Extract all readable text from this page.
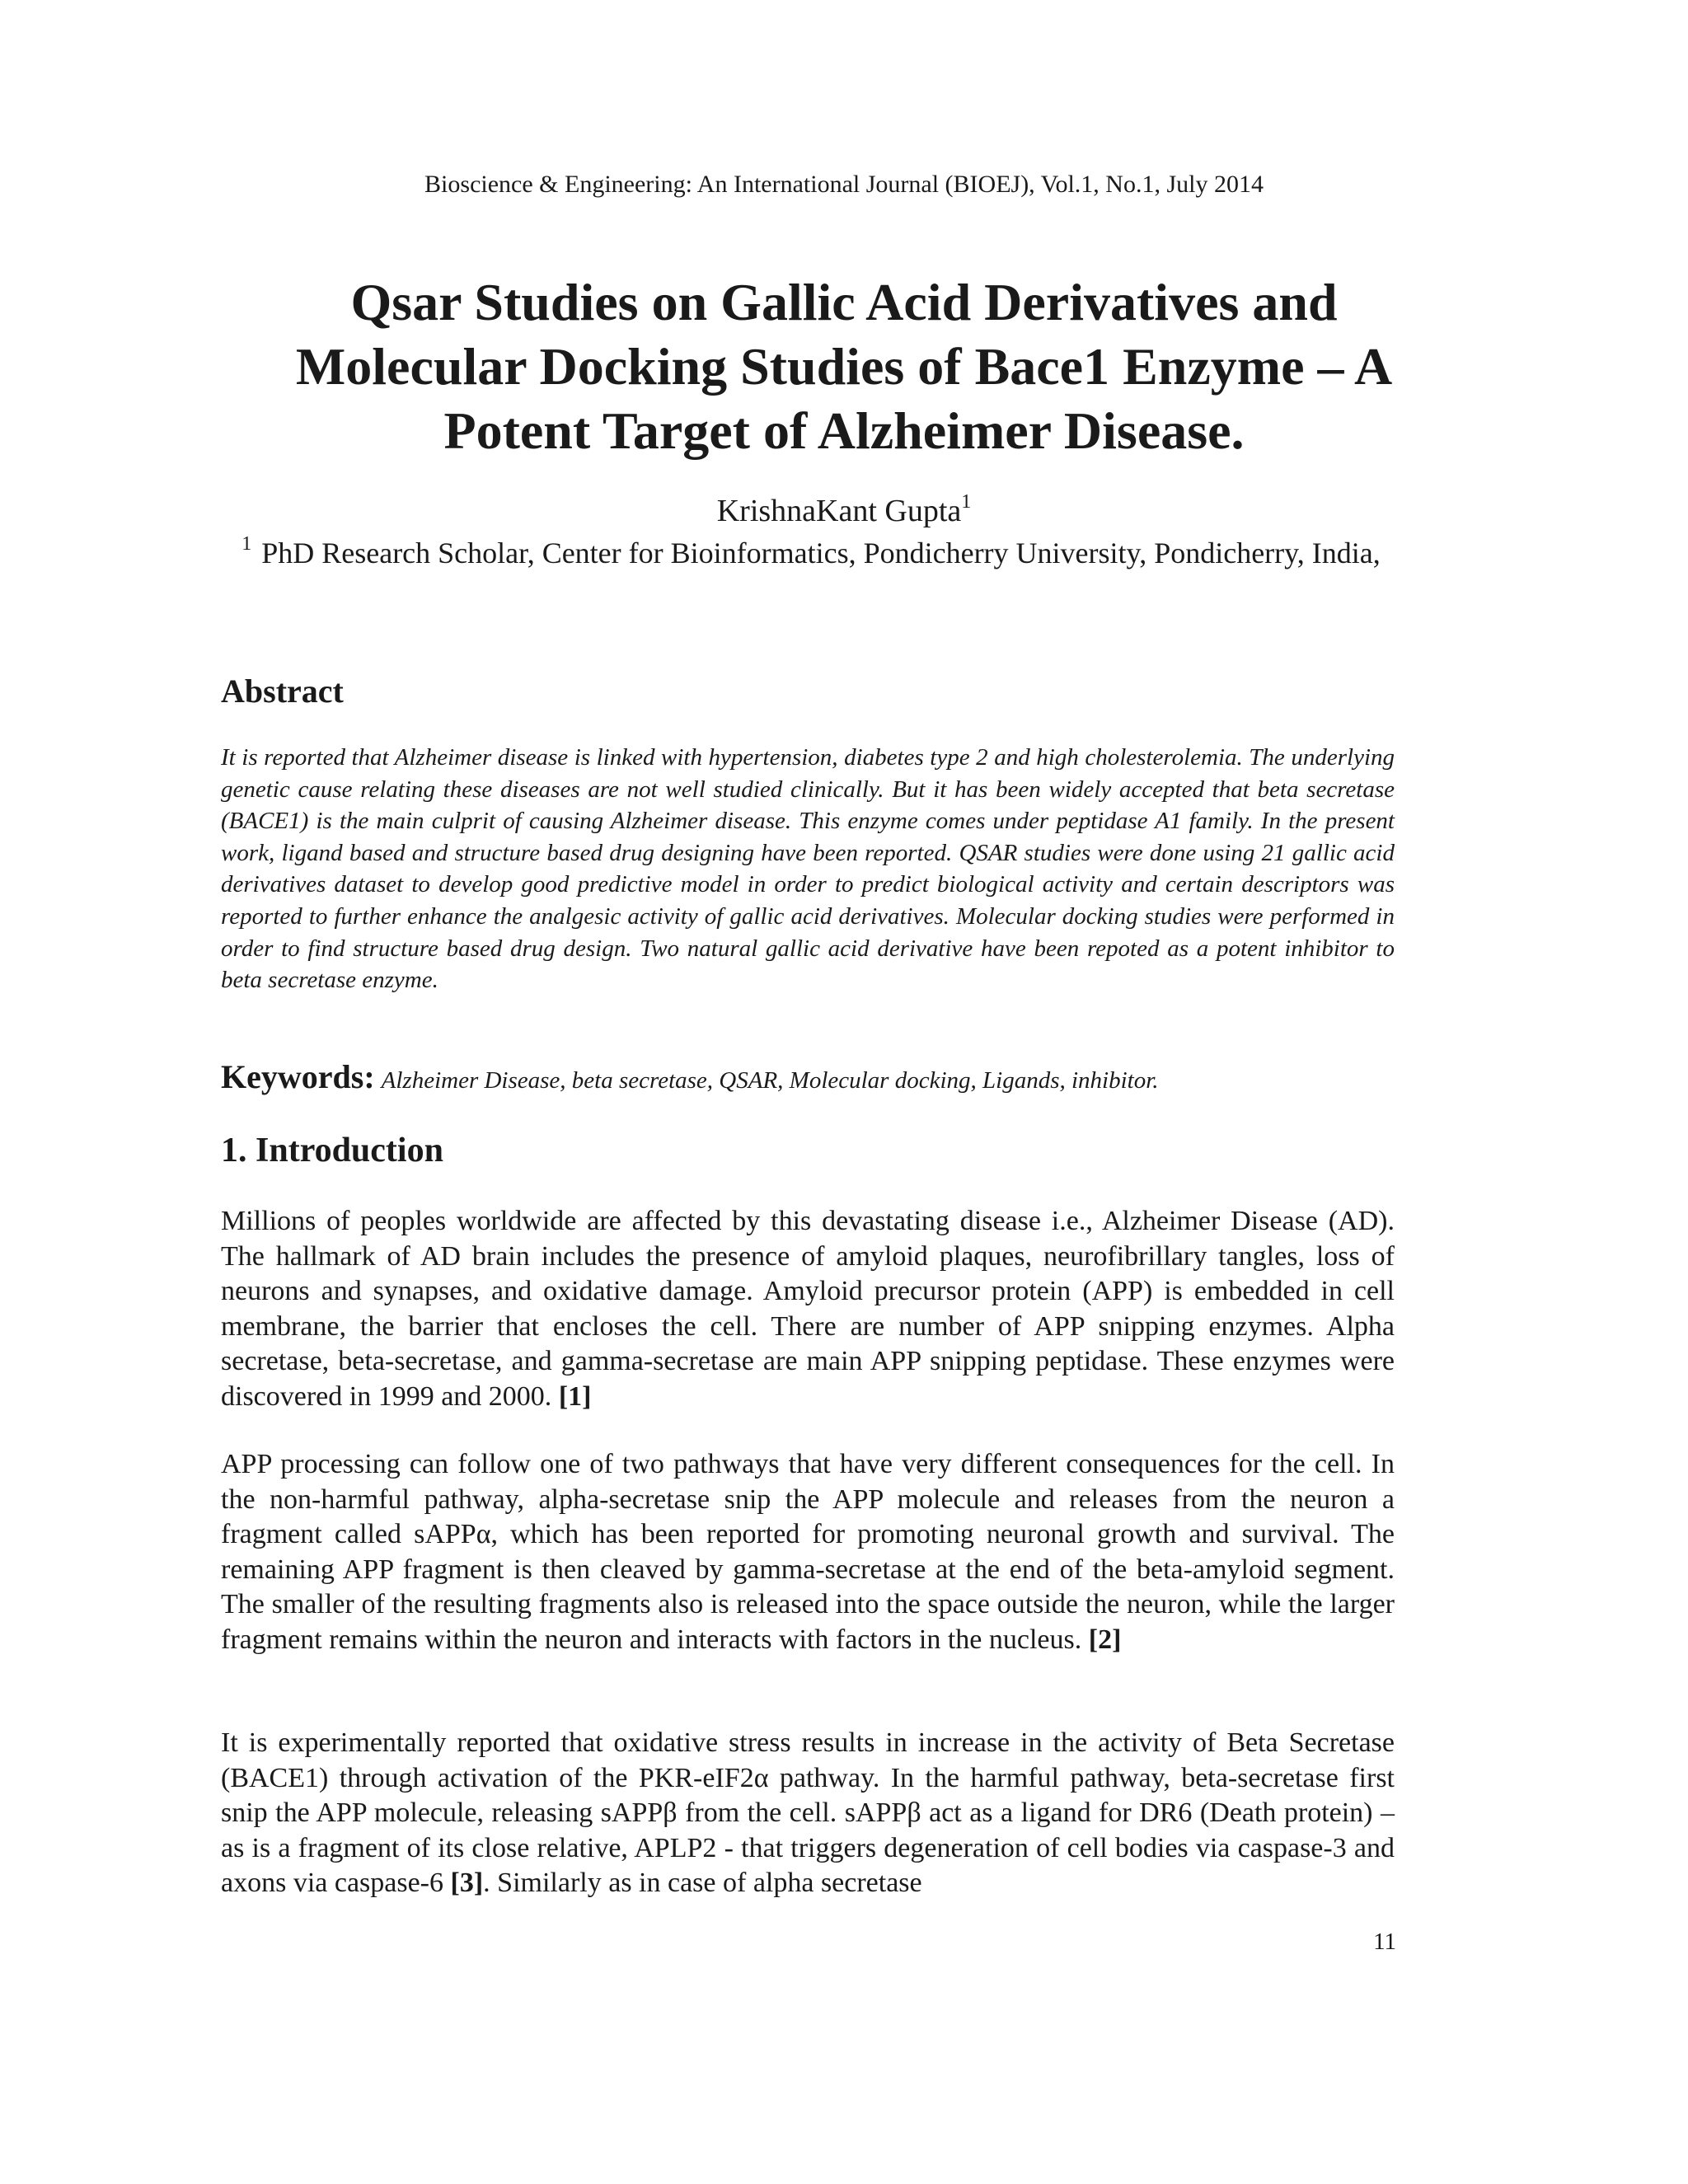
Bioscience & Engineering: An International Journal (BIOEJ), Vol.1, No.1, July 2014
Qsar Studies on Gallic Acid Derivatives and
Molecular Docking Studies of Bace1 Enzyme – A
Potent Target of Alzheimer Disease.
KrishnaKant Gupta$^1$
$^1$ PhD Research Scholar, Center for Bioinformatics, Pondicherry University, Pondicherry, India,
Abstract

It is reported that Alzheimer disease is linked with hypertension, diabetes type 2 and high cholesterolemia. The underlying genetic cause relating these diseases are not well studied clinically. But it has been widely accepted that beta secretase (BACE1) is the main culprit of causing Alzheimer disease. This enzyme comes under peptidase A1 family. In the present work, ligand based and structure based drug designing have been reported. QSAR studies were done using 21 gallic acid derivatives dataset to develop good predictive model in order to predict biological activity and certain descriptors was reported to further enhance the analgesic activity of gallic acid derivatives. Molecular docking studies were performed in order to find structure based drug design. Two natural gallic acid derivative have been repoted as a potent inhibitor to beta secretase enzyme.

Keywords: Alzheimer Disease, beta secretase, QSAR, Molecular docking, Ligands, inhibitor.

1. Introduction

Millions of peoples worldwide are affected by this devastating disease i.e., Alzheimer Disease (AD). The hallmark of AD brain includes the presence of amyloid plaques, neurofibrillary tangles, loss of neurons and synapses, and oxidative damage. Amyloid precursor protein (APP) is embedded in cell membrane, the barrier that encloses the cell. There are number of APP snipping enzymes. Alpha secretase, beta-secretase, and gamma-secretase are main APP snipping peptidase. These enzymes were discovered in 1999 and 2000. [1]

APP processing can follow one of two pathways that have very different consequences for the cell. In the non-harmful pathway, alpha-secretase snip the APP molecule and releases from the neuron a fragment called sAPPα, which has been reported for promoting neuronal growth and survival. The remaining APP fragment is then cleaved by gamma-secretase at the end of the beta-amyloid segment. The smaller of the resulting fragments also is released into the space outside the neuron, while the larger fragment remains within the neuron and interacts with factors in the nucleus. [2]

It is experimentally reported that oxidative stress results in increase in the activity of Beta Secretase (BACE1) through activation of the PKR-eIF2α pathway. In the harmful pathway, beta-secretase first snip the APP molecule, releasing sAPPβ from the cell. sAPPβ act as a ligand for DR6 (Death protein) – as is a fragment of its close relative, APLP2 - that triggers degeneration of cell bodies via caspase-3 and axons via caspase-6 [3]. Similarly as in case of alpha secretase

11
